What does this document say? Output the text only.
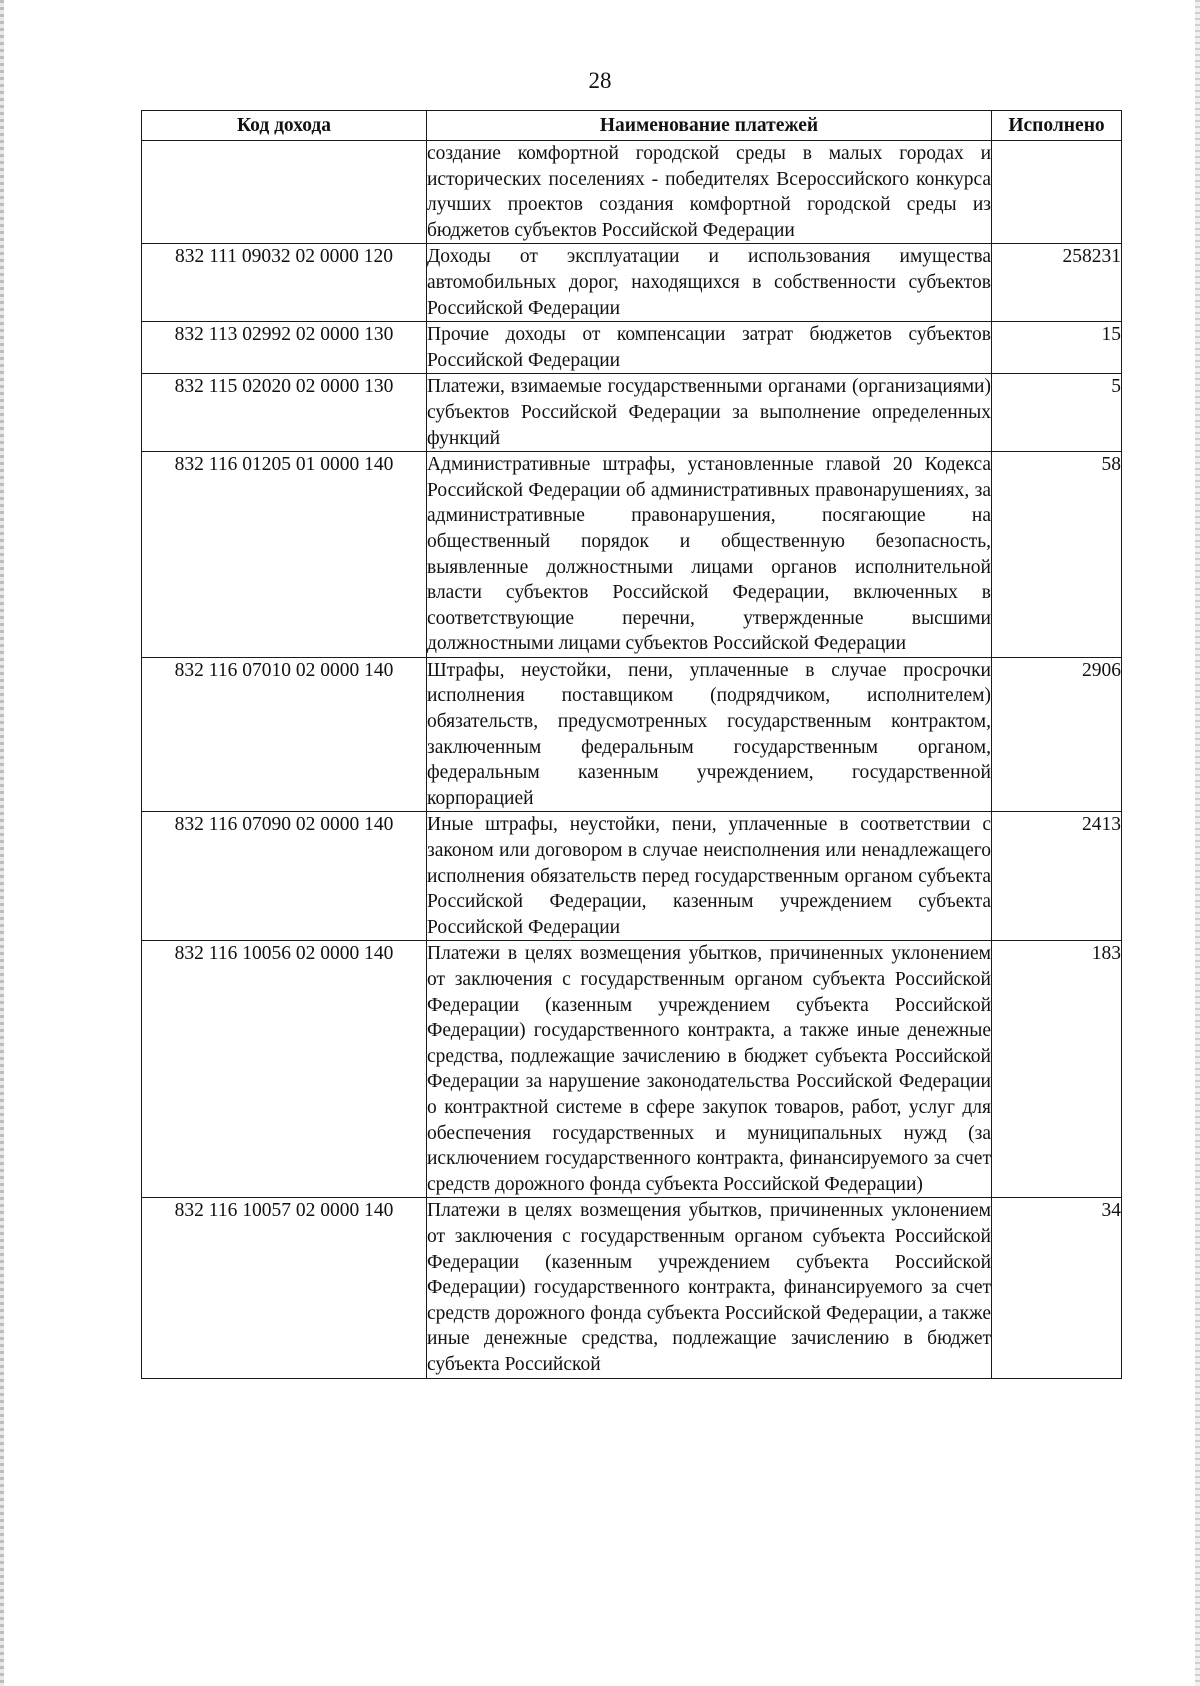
28
Код дохода	Наименование платежей	Исполнено
	создание комфортной городской среды в малых городах и исторических поселениях - победителях Всероссийского конкурса лучших проектов создания комфортной городской среды из бюджетов субъектов Российской Федерации	
832 111 09032 02 0000 120	Доходы от эксплуатации и использования имущества автомобильных дорог, находящихся в собственности субъектов Российской Федерации	258231
832 113 02992 02 0000 130	Прочие доходы от компенсации затрат бюджетов субъектов Российской Федерации	15
832 115 02020 02 0000 130	Платежи, взимаемые государственными органами (организациями) субъектов Российской Федерации за выполнение определенных функций	5
832 116 01205 01 0000 140	Административные штрафы, установленные главой 20 Кодекса Российской Федерации об административных правонарушениях, за административные правонарушения, посягающие на общественный порядок и общественную безопасность, выявленные должностными лицами органов исполнительной власти субъектов Российской Федерации, включенных в соответствующие перечни, утвержденные высшими должностными лицами субъектов Российской Федерации	58
832 116 07010 02 0000 140	Штрафы, неустойки, пени, уплаченные в случае просрочки исполнения поставщиком (подрядчиком, исполнителем) обязательств, предусмотренных государственным контрактом, заключенным федеральным государственным органом, федеральным казенным учреждением, государственной корпорацией	2906
832 116 07090 02 0000 140	Иные штрафы, неустойки, пени, уплаченные в соответствии с законом или договором в случае неисполнения или ненадлежащего исполнения обязательств перед государственным органом субъекта Российской Федерации, казенным учреждением субъекта Российской Федерации	2413
832 116 10056 02 0000 140	Платежи в целях возмещения убытков, причиненных уклонением от заключения с государственным органом субъекта Российской Федерации (казенным учреждением субъекта Российской Федерации) государственного контракта, а также иные денежные средства, подлежащие зачислению в бюджет субъекта Российской Федерации за нарушение законодательства Российской Федерации о контрактной системе в сфере закупок товаров, работ, услуг для обеспечения государственных и муниципальных нужд (за исключением государственного контракта, финансируемого за счет средств дорожного фонда субъекта Российской Федерации)	183
832 116 10057 02 0000 140	Платежи в целях возмещения убытков, причиненных уклонением от заключения с государственным органом субъекта Российской Федерации (казенным учреждением субъекта Российской Федерации) государственного контракта, финансируемого за счет средств дорожного фонда субъекта Российской Федерации, а также иные денежные средства, подлежащие зачислению в бюджет субъекта Российской	34
